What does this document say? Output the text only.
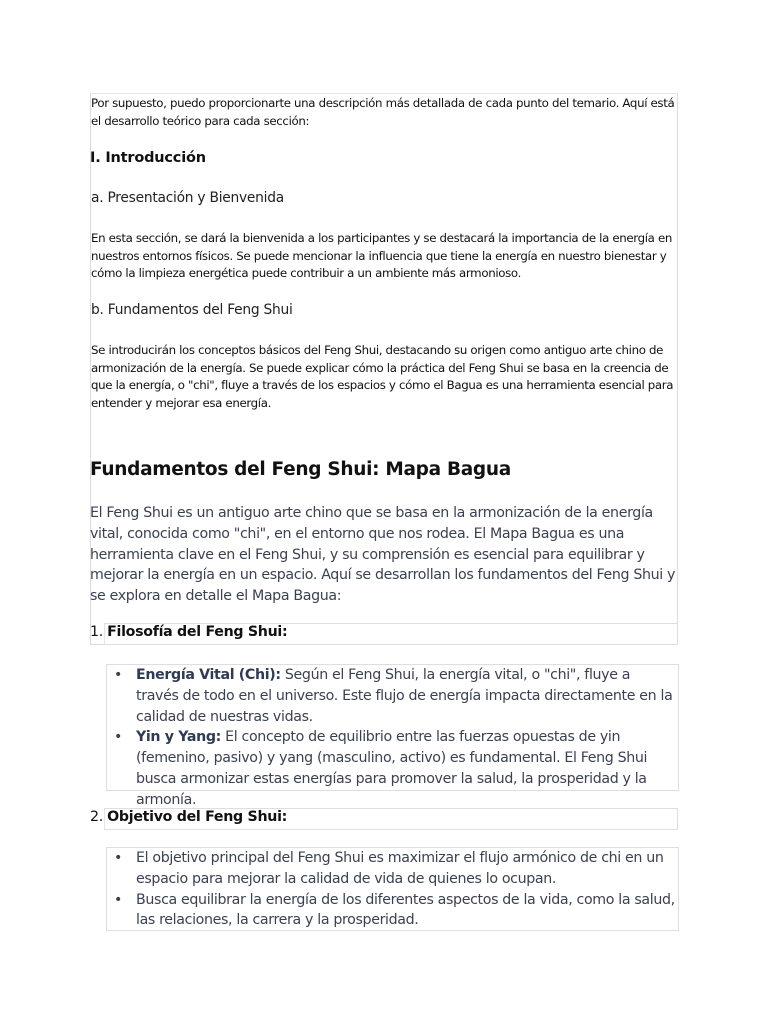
Por supuesto, puedo proporcionarte una descripción más detallada de cada punto del temario. Aquí está el desarrollo teórico para cada sección:

I. Introducción
a. Presentación y Bienvenida

En esta sección, se dará la bienvenida a los participantes y se destacará la importancia de la energía en nuestros entornos físicos. Se puede mencionar la influencia que tiene la energía en nuestro bienestar y cómo la limpieza energética puede contribuir a un ambiente más armonioso.

b. Fundamentos del Feng Shui

Se introducirán los conceptos básicos del Feng Shui, destacando su origen como antiguo arte chino de armonización de la energía. Se puede explicar cómo la práctica del Feng Shui se basa en la creencia de que la energía, o "chi", fluye a través de los espacios y cómo el Bagua es una herramienta esencial para entender y mejorar esa energía.

Fundamentos del Feng Shui: Mapa Bagua

El Feng Shui es un antiguo arte chino que se basa en la armonización de la energía vital, conocida como "chi", en el entorno que nos rodea. El Mapa Bagua es una herramienta clave en el Feng Shui, y su comprensión es esencial para equilibrar y mejorar la energía en un espacio. Aquí se desarrollan los fundamentos del Feng Shui y se explora en detalle el Mapa Bagua:

1. Filosofía del Feng Shui:
• Energía Vital (Chi): Según el Feng Shui, la energía vital, o "chi", fluye a través de todo en el universo. Este flujo de energía impacta directamente en la calidad de nuestras vidas.
• Yin y Yang: El concepto de equilibrio entre las fuerzas opuestas de yin (femenino, pasivo) y yang (masculino, activo) es fundamental. El Feng Shui busca armonizar estas energías para promover la salud, la prosperidad y la armonía.
2. Objetivo del Feng Shui:
• El objetivo principal del Feng Shui es maximizar el flujo armónico de chi en un espacio para mejorar la calidad de vida de quienes lo ocupan.
• Busca equilibrar la energía de los diferentes aspectos de la vida, como la salud, las relaciones, la carrera y la prosperidad.
